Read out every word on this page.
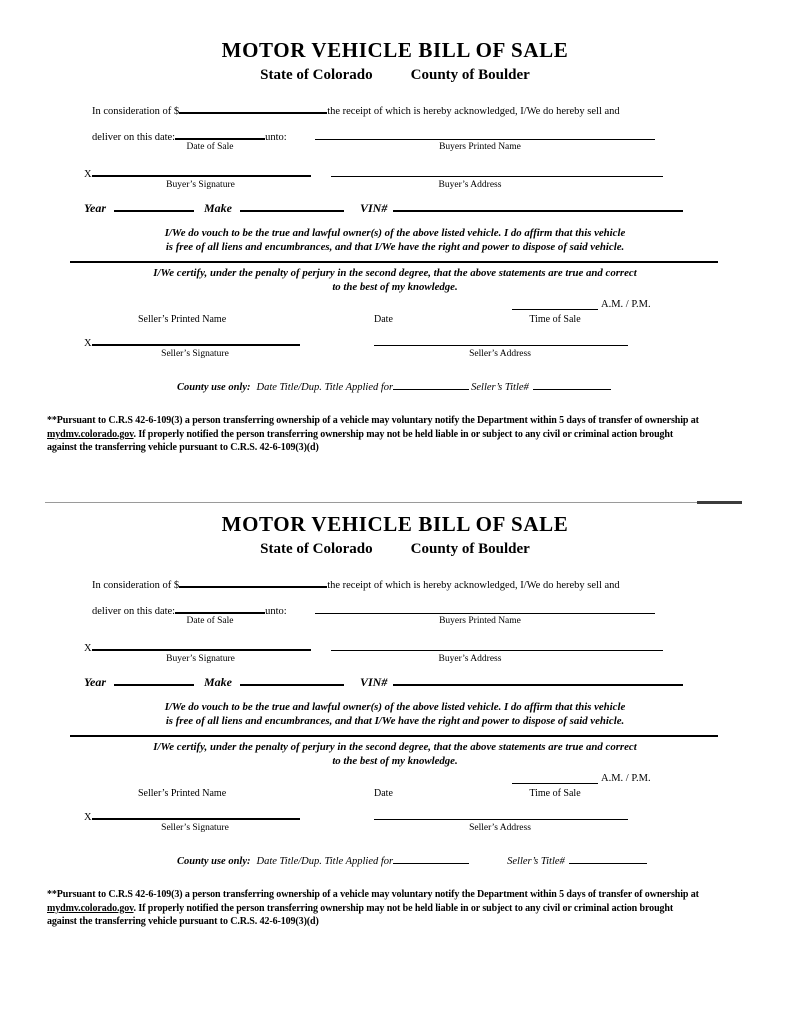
MOTOR VEHICLE BILL OF SALE
State of Colorado	County of Boulder
In consideration of $	the receipt of which is hereby acknowledged, I/We do hereby sell and
deliver on this date:	unto:
Date of Sale	Buyers Printed Name
X
Buyer’s Signature	Buyer’s Address
Year	Make	VIN#
I/We do vouch to be the true and lawful owner(s) of the above listed vehicle. I do affirm that this vehicle
is free of all liens and encumbrances, and that I/We have the right and power to dispose of said vehicle.
I/We certify, under the penalty of perjury in the second degree, that the above statements are true and correct
to the best of my knowledge.
A.M. / P.M.
Seller’s Printed Name	Date	Time of Sale
X
Seller’s Signature	Seller’s Address
County use only: Date Title/Dup. Title Applied for	Seller’s Title#
**Pursuant to C.R.S 42-6-109(3) a person transferring ownership of a vehicle may voluntary notify the Department within 5 days of transfer of ownership at
mydmv.colorado.gov. If properly notified the person transferring ownership may not be held liable in or subject to any civil or criminal action brought
against the transferring vehicle pursuant to C.R.S. 42-6-109(3)(d)
MOTOR VEHICLE BILL OF SALE
State of Colorado	County of Boulder
In consideration of $	the receipt of which is hereby acknowledged, I/We do hereby sell and
deliver on this date:	unto:
Date of Sale	Buyers Printed Name
X
Buyer’s Signature	Buyer’s Address
Year	Make	VIN#
I/We do vouch to be the true and lawful owner(s) of the above listed vehicle. I do affirm that this vehicle
is free of all liens and encumbrances, and that I/We have the right and power to dispose of said vehicle.
I/We certify, under the penalty of perjury in the second degree, that the above statements are true and correct
to the best of my knowledge.
A.M. / P.M.
Seller’s Printed Name	Date	Time of Sale
X
Seller’s Signature	Seller’s Address
County use only: Date Title/Dup. Title Applied for	Seller’s Title#
**Pursuant to C.R.S 42-6-109(3) a person transferring ownership of a vehicle may voluntary notify the Department within 5 days of transfer of ownership at
mydmv.colorado.gov. If properly notified the person transferring ownership may not be held liable in or subject to any civil or criminal action brought
against the transferring vehicle pursuant to C.R.S. 42-6-109(3)(d)
